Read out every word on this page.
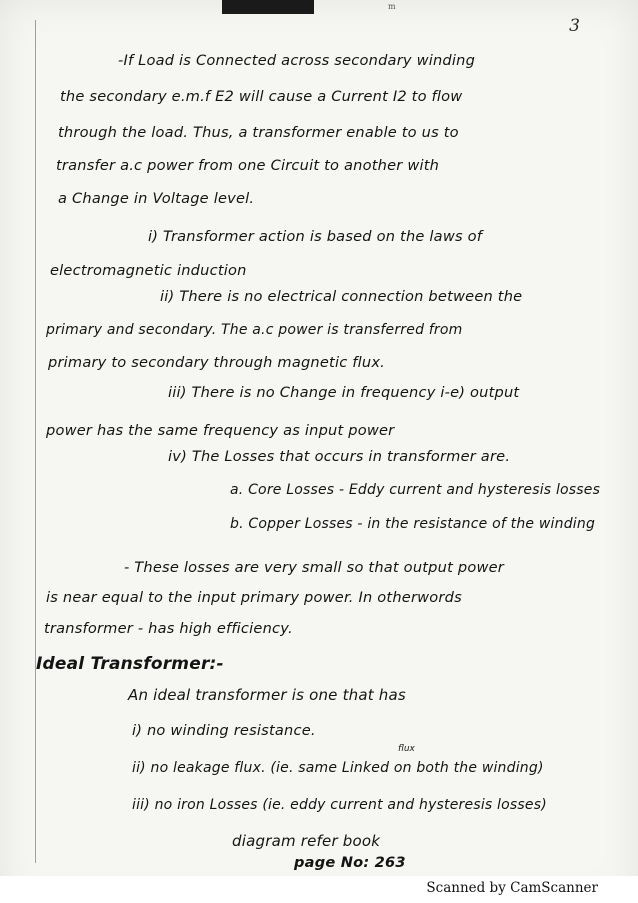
m
3
-If Load is Connected across secondary winding
the secondary e.m.f E2 will cause a Current I2 to flow
through the load. Thus, a transformer enable to us to
transfer a.c power from one Circuit to another with
a Change in Voltage level.
i) Transformer action is based on the laws of
electromagnetic induction
ii) There is no electrical connection between the
primary and secondary. The a.c power is transferred from
primary to secondary through magnetic flux.
iii) There is no Change in frequency i-e) output
power has the same frequency as input power
iv) The Losses that occurs in transformer are.
a. Core Losses - Eddy current and hysteresis losses
b. Copper Losses - in the resistance of the winding
- These losses are very small so that output power
is near equal to the input primary power. In otherwords
transformer - has high efficiency.
Ideal Transformer:-
An ideal transformer is one that has
i) no winding resistance.
flux
ii) no leakage flux. (ie. same Linked on both the winding)
iii) no iron Losses (ie. eddy current and hysteresis losses)
diagram refer book
page No: 263
Scanned by CamScanner
